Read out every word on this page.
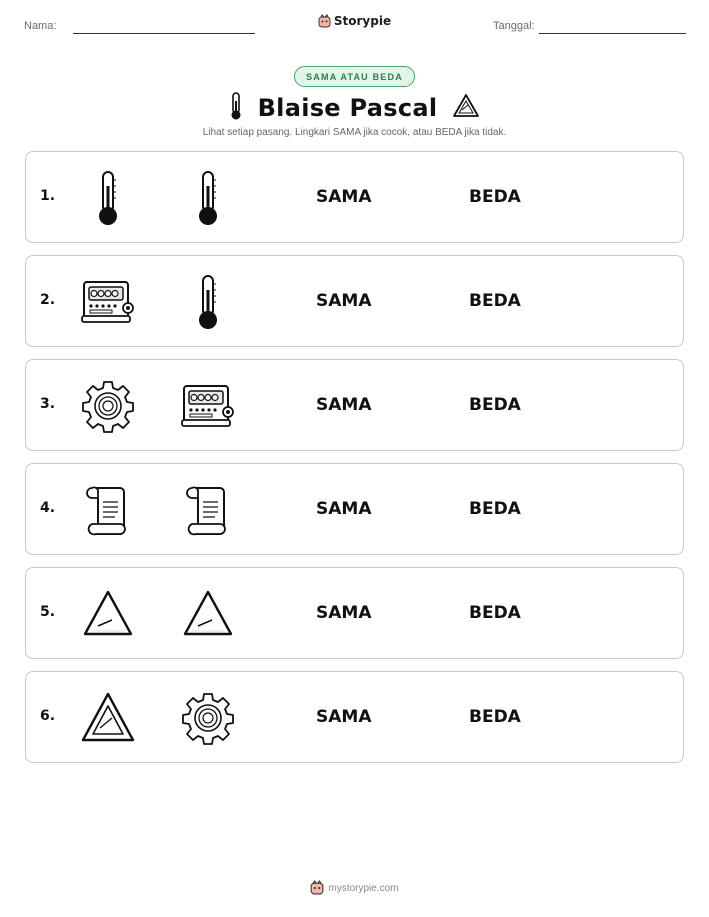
Nama:	Storypie	Tanggal:
SAMA ATAU BEDA
Blaise Pascal
Lihat setiap pasang. Lingkari SAMA jika cocok, atau BEDA jika tidak.
1.	SAMA	BEDA
2.	SAMA	BEDA
3.	SAMA	BEDA
4.	SAMA	BEDA
5.	SAMA	BEDA
6.	SAMA	BEDA
mystorypie.com
